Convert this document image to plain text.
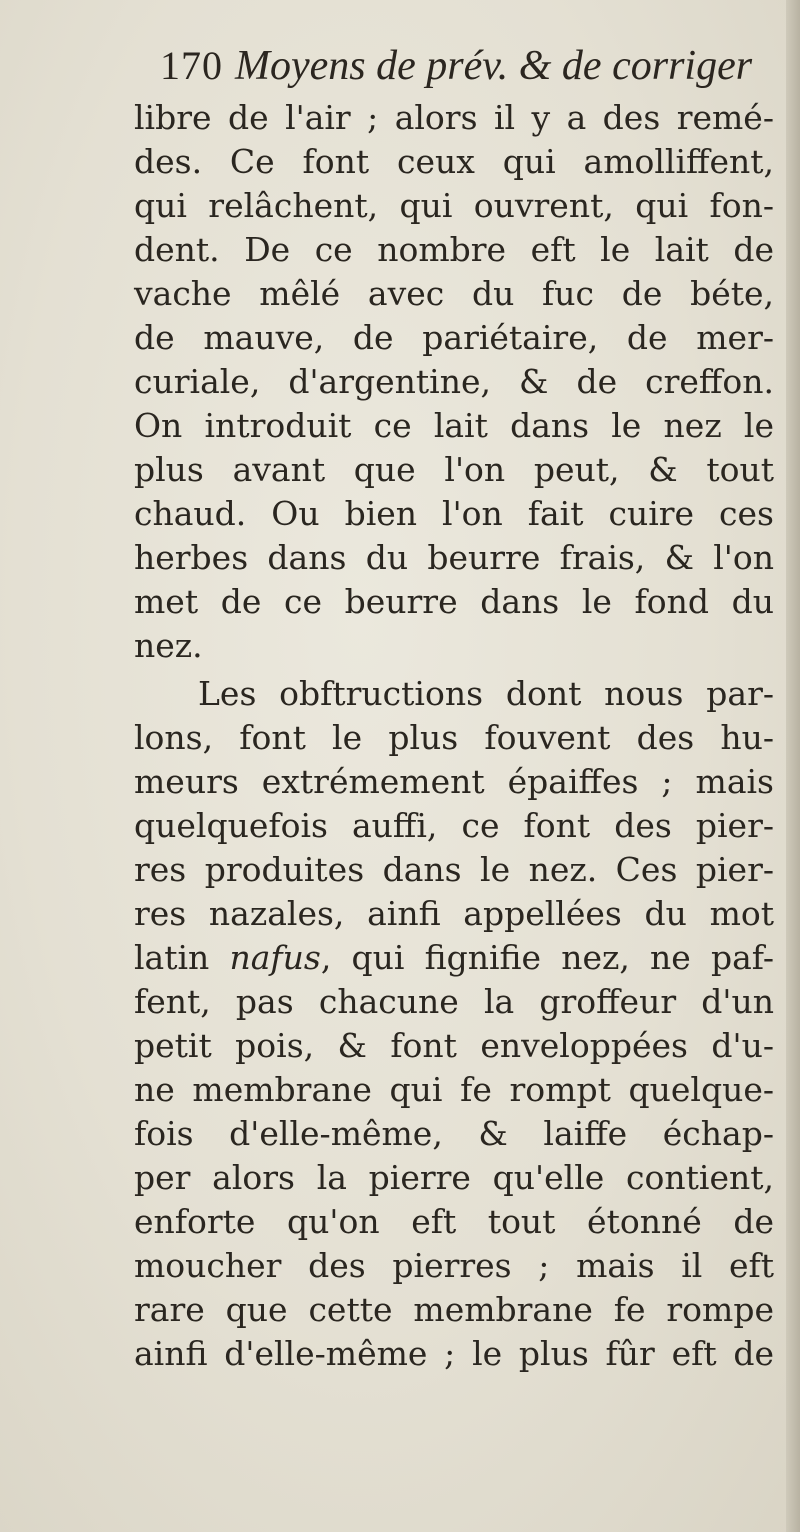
170 Moyens de prév. & de corriger
libre de l'air ; alors il y a des remé-
des. Ce font ceux qui amolliffent,
qui relâchent, qui ouvrent, qui fon-
dent. De ce nombre eft le lait de
vache mêlé avec du fuc de béte,
de mauve, de pariétaire, de mer-
curiale, d'argentine, & de creffon.
On introduit ce lait dans le nez le
plus avant que l'on peut, & tout
chaud. Ou bien l'on fait cuire ces
herbes dans du beurre frais, & l'on
met de ce beurre dans le fond du
nez.
Les obftructions dont nous par-
lons, font le plus fouvent des hu-
meurs extrémement épaiffes ; mais
quelquefois auffi, ce font des pier-
res produites dans le nez. Ces pier-
res nazales, ainfi appellées du mot
latin nafus, qui fignifie nez, ne paf-
fent, pas chacune la groffeur d'un
petit pois, & font enveloppées d'u-
ne membrane qui fe rompt quelque-
fois d'elle-même, & laiffe échap-
per alors la pierre qu'elle contient,
enforte qu'on eft tout étonné de
moucher des pierres ; mais il eft
rare que cette membrane fe rompe
ainfi d'elle-même ; le plus fûr eft de
